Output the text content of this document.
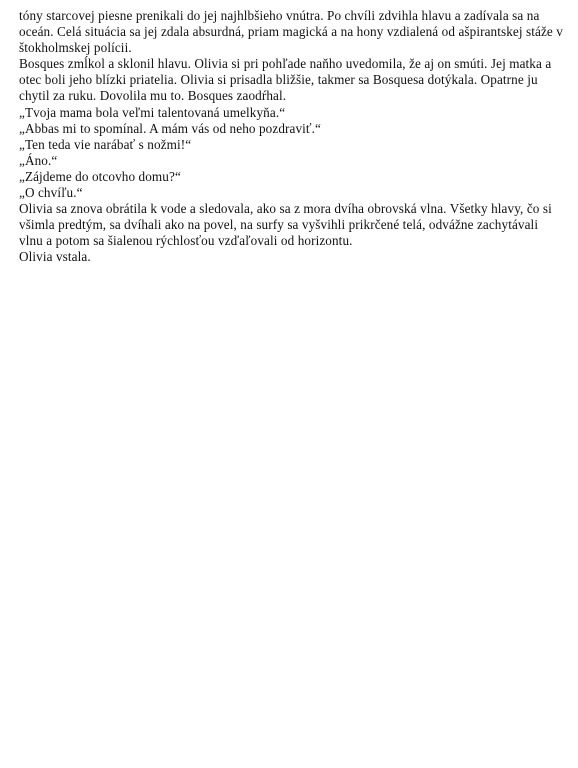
tóny starcovej piesne prenikali do jej najhlbšieho vnútra. Po chvíli zdvihla hlavu a zadívala sa na oceán. Celá situácia sa jej zdala absurdná, priam magická a na hony vzdialená od ašpirantskej stáže v štokholmskej polícii.

Bosques zmĺkol a sklonil hlavu. Olivia si pri pohľade naňho uvedomila, že aj on smúti. Jej matka a otec boli jeho blízki priatelia. Olivia si prisadla bližšie, takmer sa Bosquesa dotýkala. Opatrne ju chytil za ruku. Dovolila mu to. Bosques zaodŕhal.

„Tvoja mama bola veľmi talentovaná umelkyňa.“

„Abbas mi to spomínal. A mám vás od neho pozdraviť.“

„Ten teda vie narábať s nožmi!“

„Áno.“

„Zájdeme do otcovho domu?“

„O chvíľu.“

Olivia sa znova obrátila k vode a sledovala, ako sa z mora dvíha obrovská vlna. Všetky hlavy, čo si všimla predtým, sa dvíhali ako na povel, na surfy sa vyšvihli prikrčené telá, odvážne zachytávali vlnu a potom sa šialenou rýchlosťou vzďaľovali od horizontu.

Olivia vstala.
